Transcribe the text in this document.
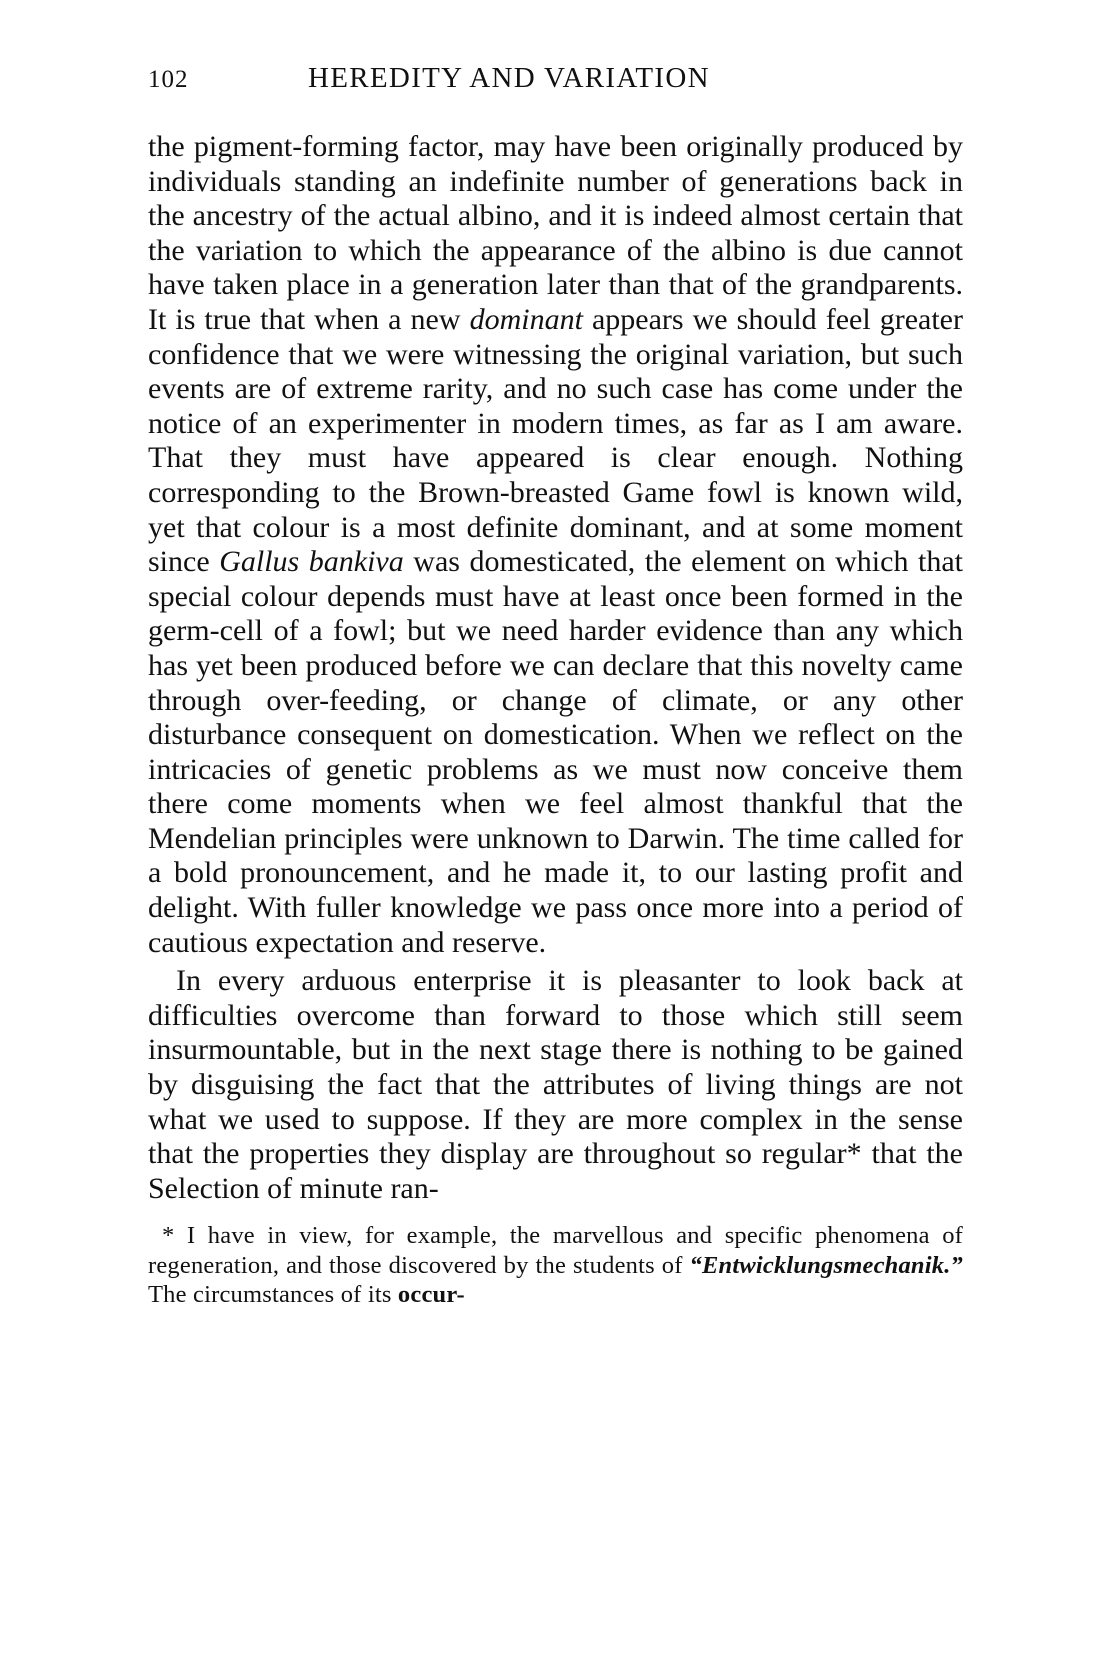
102	HEREDITY AND VARIATION

the pigment-forming factor, may have been originally produced by individuals standing an indefinite number of generations back in the ancestry of the actual albino, and it is indeed almost certain that the variation to which the appearance of the albino is due cannot have taken place in a generation later than that of the grandparents. It is true that when a new dominant appears we should feel greater confidence that we were witnessing the original variation, but such events are of extreme rarity, and no such case has come under the notice of an experimenter in modern times, as far as I am aware. That they must have appeared is clear enough. Nothing corresponding to the Brown-breasted Game fowl is known wild, yet that colour is a most definite dominant, and at some moment since Gallus bankiva was domesticated, the element on which that special colour depends must have at least once been formed in the germ-cell of a fowl; but we need harder evidence than any which has yet been produced before we can declare that this novelty came through over-feeding, or change of climate, or any other disturbance consequent on domestication. When we reflect on the intricacies of genetic problems as we must now conceive them there come moments when we feel almost thankful that the Mendelian principles were unknown to Darwin. The time called for a bold pronouncement, and he made it, to our lasting profit and delight. With fuller knowledge we pass once more into a period of cautious expectation and reserve.

In every arduous enterprise it is pleasanter to look back at difficulties overcome than forward to those which still seem insurmountable, but in the next stage there is nothing to be gained by disguising the fact that the attributes of living things are not what we used to suppose. If they are more complex in the sense that the properties they display are throughout so regular* that the Selection of minute ran-

* I have in view, for example, the marvellous and specific phenomena of regeneration, and those discovered by the students of “Entwicklungsmechanik.” The circumstances of its occur-
